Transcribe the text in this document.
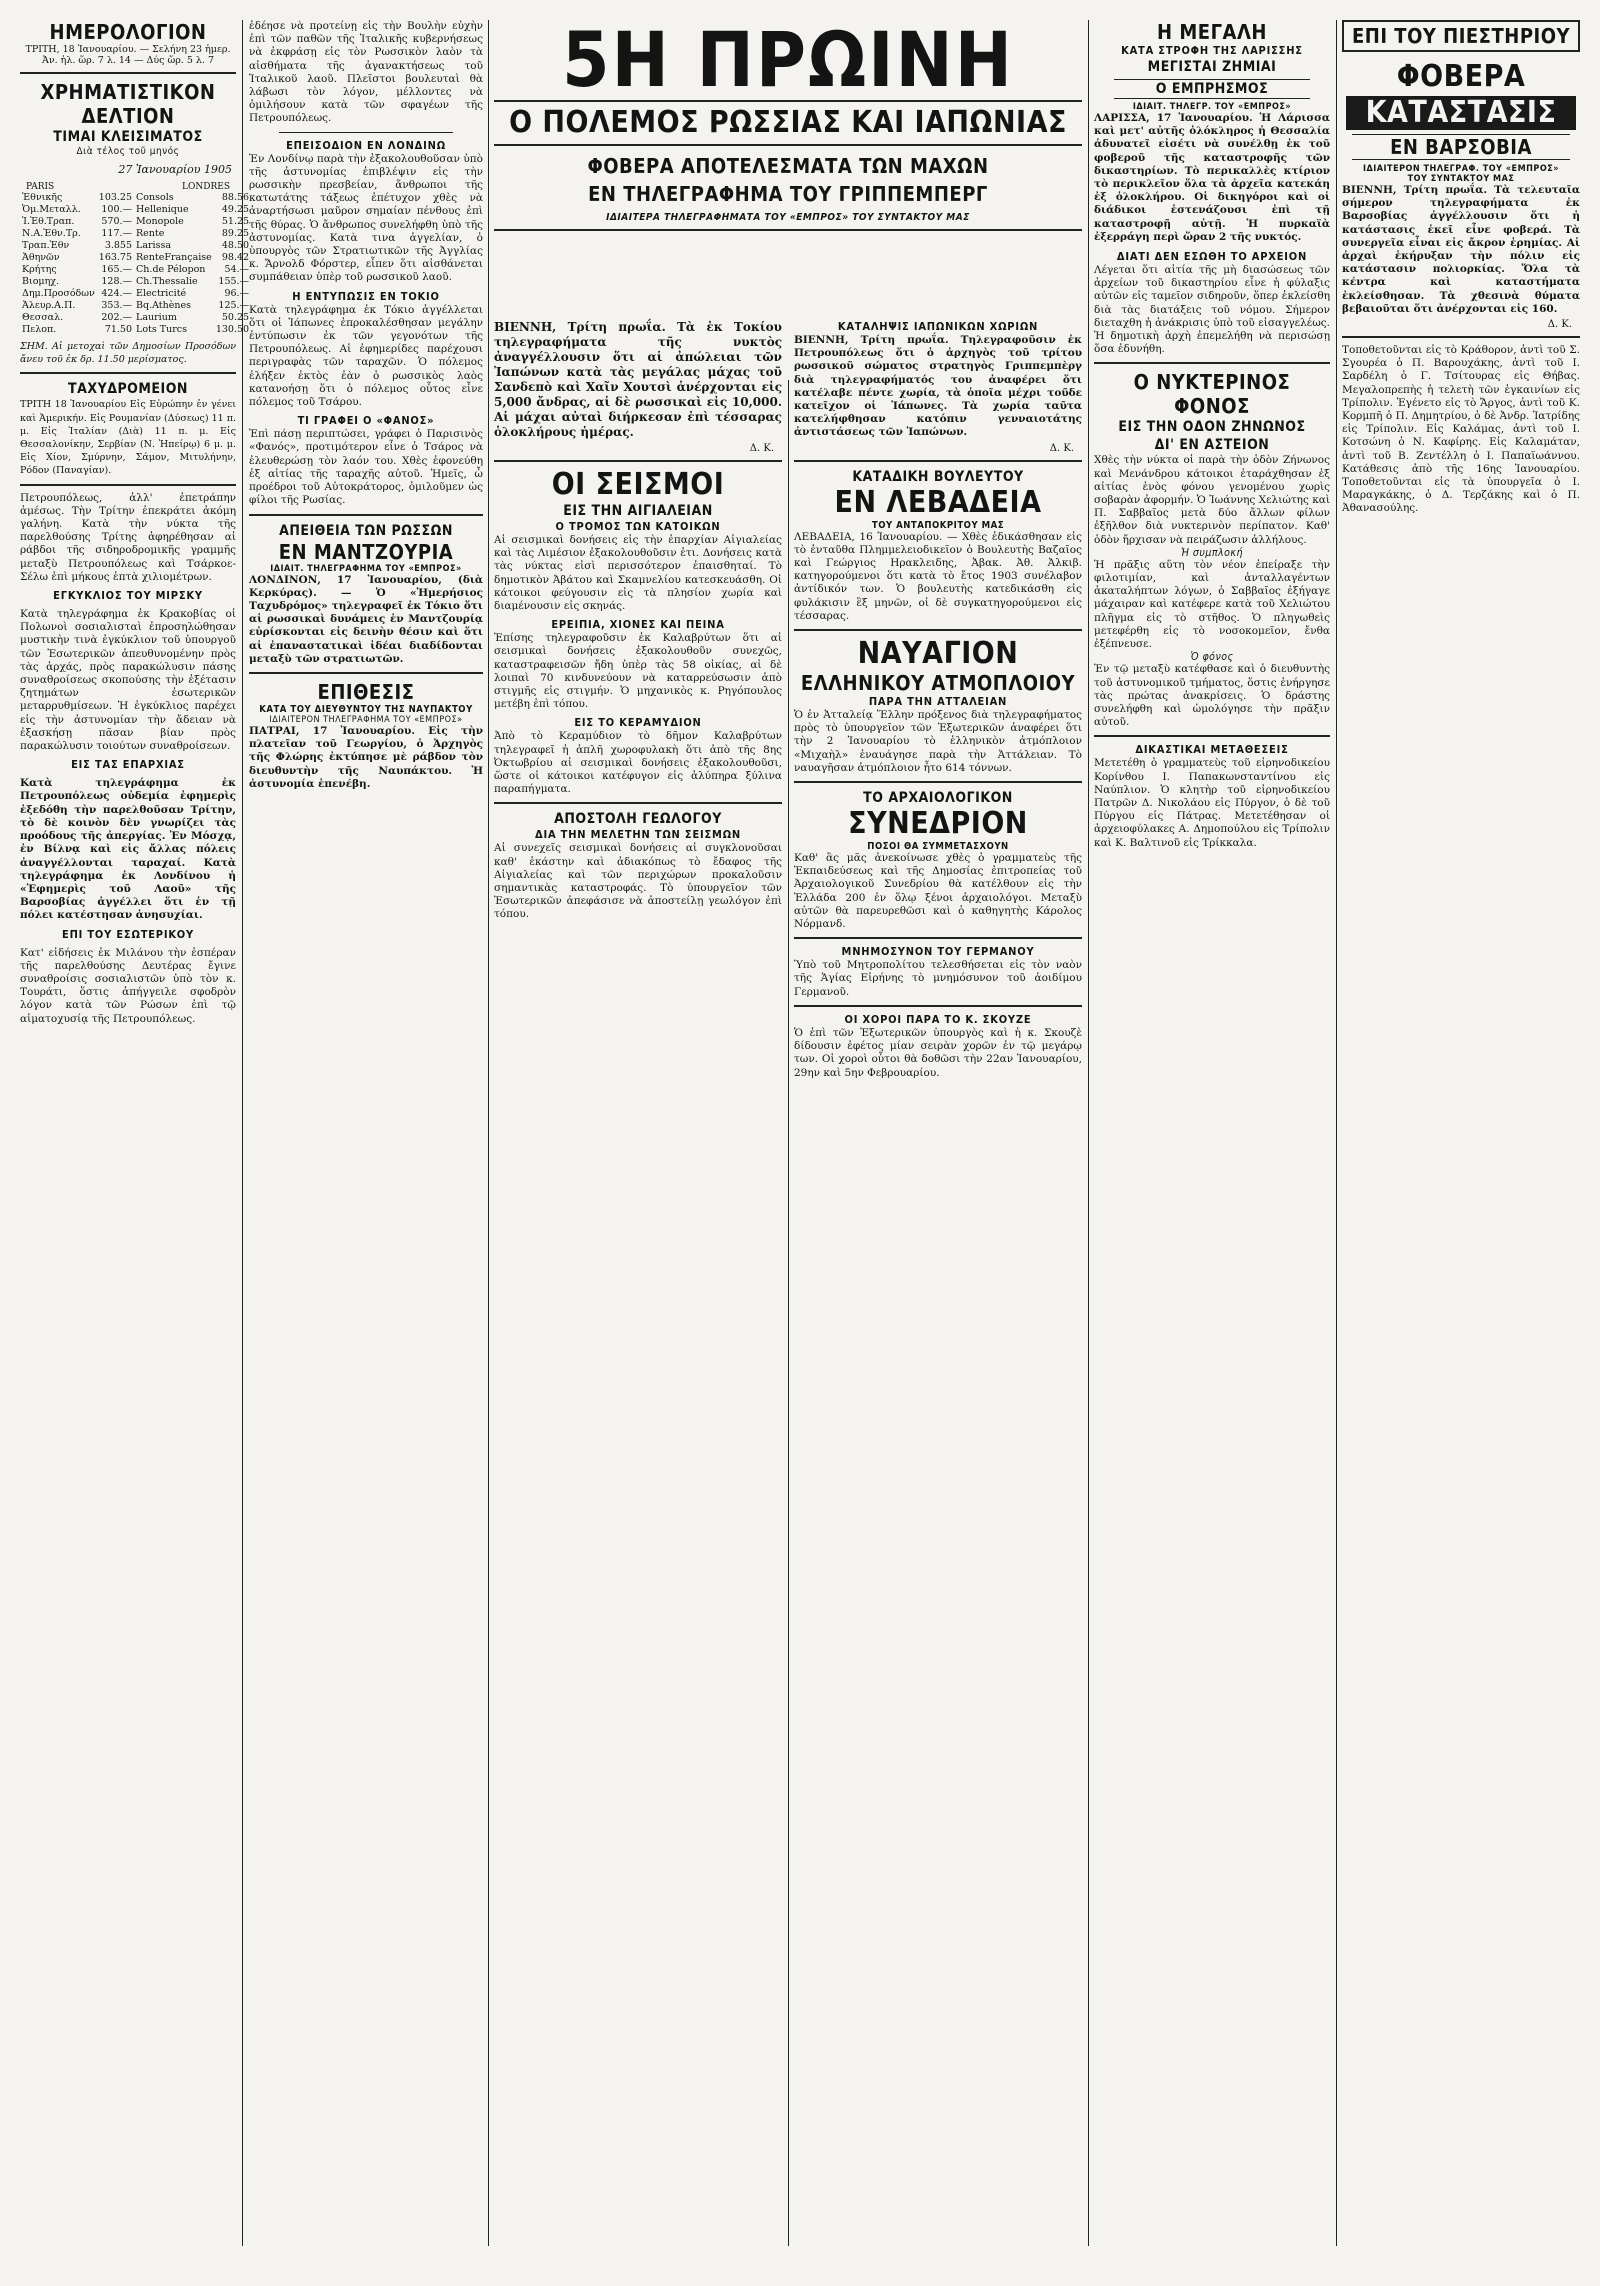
ΗΜΕΡΟΛΟΓΙΟΝ

ΤΡΙΤΗ, 18 Ἰανουαρίου. — Σελήνη 23 ἡμερ. Ἀν. ἡλ. ὥρ. 7 λ. 14 — Δύς ὥρ. 5 λ. 7

ΧΡΗΜΑΤΙΣΤΙΚΟΝ ΔΕΛΤΙΟΝ
ΤΙΜΑΙ ΚΛΕΙΣΙΜΑΤΟΣ
Διὰ τέλος τοῦ μηνός
27 Ἰανουαρίου 1905
PARIS	LONDRES
Ἐθνικῆς	103.25	Consols	88.56
Ὁμ.Μεταλλ.	100.—	Hellenique	49.25
Ἰ.Ἐθ.Τραπ.	570.—	Monopole	51.25
Ν.Α.Ἐθν.Τρ.	117.—	Rente	89.25
Τραπ.Ἐθν	3.855	Larissa	48.50
Ἀθηνῶν	163.75	RenteFrançaise	98.42
Κρήτης	165.—	Ch.de Pélopon	54.—
Βιομηχ.	128.—	Ch.Thessalie	155.—
Δημ.Προσόδων	424.—	Electricité	96.—
Ἀλευρ.Α.Π.	353.—	Bq.Athènes	125.—
Θεσσαλ.	202.—	Laurium	50.25
Πελοπ.	71.50	Lots Turcs	130.50

ΣΗΜ. Αἱ μετοχαὶ τῶν Δημοσίων Προσόδων ἄνευ τοῦ ἐκ δρ. 11.50 μερίσματος.

ΤΑΧΥΔΡΟΜΕΙΟΝ

ΤΡΙΤΗ 18 Ἰανουαρίου Εἰς Εὐρώπην ἐν γένει καὶ Ἀμερικήν. Εἰς Ρουμανίαν (Δύσεως) 11 π. μ. Εἰς Ἰταλίαν (Διὰ) 11 π. μ. Εἰς Θεσσαλονίκην, Σερβίαν (Ν. Ἠπείρῳ) 6 μ. μ. Εἰς Χίον, Σμύρνην, Σάμον, Μιτυλήνην, Ρόδον (Παναγίαν).

Πετρουπόλεως, ἀλλ' ἐπετράπην ἀμέσως. Τὴν Τρίτην ἐπεκράτει ἀκόμη γαλήνη. Κατὰ τὴν νύκτα τῆς παρελθούσης Τρίτης ἀφηρέθησαν αἱ ράβδοι τῆς σιδηροδρομικῆς γραμμῆς μεταξὺ Πετρουπόλεως καὶ Τσάρκοε-Σέλω ἐπὶ μήκους ἑπτὰ χιλιομέτρων.

ΕΓΚΥΚΛΙΟΣ ΤΟΥ ΜΙΡΣΚΥ

Κατὰ τηλεγράφημα ἐκ Κρακοβίας οἱ Πολωνοὶ σοσιαλισταὶ ἐπροσηλώθησαν μυστικὴν τινὰ ἐγκύκλιον τοῦ ὑπουργοῦ τῶν Ἐσωτερικῶν ἀπευθυνομένην πρὸς τὰς ἀρχάς, πρὸς παρακώλυσιν πάσης συναθροίσεως σκοπούσης τὴν ἐξέτασιν ζητημάτων ἐσωτερικῶν μεταρρυθμίσεων. Ἡ ἐγκύκλιος παρέχει εἰς τὴν ἀστυνομίαν τὴν ἄδειαν νὰ ἐξασκήσῃ πᾶσαν βίαν πρὸς παρακώλυσιν τοιούτων συναθροίσεων.

ΕΙΣ ΤΑΣ ΕΠΑΡΧΙΑΣ

Κατὰ τηλεγράφημα ἐκ Πετρουπόλεως οὐδεμία ἐφημερὶς ἐξεδόθη τὴν παρελθοῦσαν Τρίτην, τὸ δὲ κοινὸν δὲν γνωρίζει τὰς προόδους τῆς ἀπεργίας. Ἐν Μόσχᾳ, ἐν Βίλνᾳ καὶ εἰς ἄλλας πόλεις ἀναγγέλλονται ταραχαί. Κατὰ τηλεγράφημα ἐκ Λονδίνου ἡ «Ἐφημερὶς τοῦ Λαοῦ» τῆς Βαρσοβίας ἀγγέλλει ὅτι ἐν τῇ πόλει κατέστησαν ἀνησυχίαι.

ΕΠΙ ΤΟΥ ΕΣΩΤΕΡΙΚΟΥ

Κατ' εἰδήσεις ἐκ Μιλάνου τὴν ἑσπέραν τῆς παρελθούσης Δευτέρας ἔγινε συναθροίσις σοσιαλιστῶν ὑπὸ τὸν κ. Τουράτι, ὅστις ἀπήγγειλε σφοδρὸν λόγον κατὰ τῶν Ρώσων ἐπὶ τῷ αἱματοχυσίᾳ τῆς Πετρουπόλεως.

ἐδέησε νὰ προτείνῃ εἰς τὴν Βουλὴν εὐχὴν ἐπὶ τῶν παθῶν τῆς Ἰταλικῆς κυβερνήσεως νὰ ἐκφράσῃ εἰς τὸν Ρωσσικὸν λαὸν τὰ αἰσθήματα τῆς ἀγανακτήσεως τοῦ Ἰταλικοῦ λαοῦ. Πλεῖστοι βουλευταὶ θὰ λάβωσι τὸν λόγον, μέλλοντες νὰ ὁμιλήσουν κατὰ τῶν σφαγέων τῆς Πετρουπόλεως.

ΕΠΕΙΣΟΔΙΟΝ ΕΝ ΛΟΝΔΙΝΩ

Ἐν Λονδίνῳ παρὰ τὴν ἐξακολουθοῦσαν ὑπὸ τῆς ἀστυνομίας ἐπιβλέψιν εἰς τὴν ρωσσικὴν πρεσβείαν, ἄνθρωποι τῆς κατωτάτης τάξεως ἐπέτυχον χθὲς νὰ ἀναρτήσωσι μαῦρον σημαίαν πένθους ἐπὶ τῆς θύρας. Ὁ ἄνθρωπος συνελήφθη ὑπὸ τῆς ἀστυνομίας. Κατὰ τινα ἀγγελίαν, ὁ ὑπουργὸς τῶν Στρατιωτικῶν τῆς Ἀγγλίας κ. Ἄρνολδ Φόρστερ, εἶπεν ὅτι αἰσθάνεται συμπάθειαν ὑπὲρ τοῦ ρωσσικοῦ λαοῦ.

Η ΕΝΤΥΠΩΣΙΣ ΕΝ ΤΟΚΙΟ

Κατὰ τηλεγράφημα ἐκ Τόκιο ἀγγέλλεται ὅτι οἱ Ἰάπωνες ἐπροκαλέσθησαν μεγάλην ἐντύπωσιν ἐκ τῶν γεγονότων τῆς Πετρουπόλεως. Αἱ ἐφημερίδες παρέχουσι περιγραφὰς τῶν ταραχῶν. Ὁ πόλεμος ἐλήξεν ἐκτὸς ἐὰν ὁ ρωσσικὸς λαὸς κατανοήσῃ ὅτι ὁ πόλεμος οὗτος εἶνε πόλεμος τοῦ Τσάρου.

ΤΙ ΓΡΑΦΕΙ Ο «ΦΑΝΟΣ»

Ἐπὶ πάσῃ περιπτώσει, γράφει ὁ Παρισινὸς «Φανός», προτιμότερον εἶνε ὁ Τσάρος νὰ ἐλευθερώσῃ τὸν λαόν του. Χθὲς ἐφονεύθη ἐξ αἰτίας τῆς ταραχῆς αὐτοῦ. Ἡμεῖς, ὦ προέδροι τοῦ Αὐτοκράτορος, ὁμιλοῦμεν ὡς φίλοι τῆς Ρωσίας.

ΑΠΕΙΘΕΙΑ ΤΩΝ ΡΩΣΣΩΝ
ΕΝ ΜΑΝΤΖΟΥΡΙΑ
ΙΔΙΑΙΤ. ΤΗΛΕΓΡΑΦΗΜΑ ΤΟΥ «ΕΜΠΡΟΣ»

ΛΟΝΔΙΝΟΝ, 17 Ἰανουαρίου, (διὰ Κερκύρας). — Ὁ «Ἡμερήσιος Ταχυδρόμος» τηλεγραφεῖ ἐκ Τόκιο ὅτι αἱ ρωσσικαὶ δυνάμεις ἐν Μαντζουρίᾳ εὑρίσκονται εἰς δεινὴν θέσιν καὶ ὅτι αἱ ἐπαναστατικαὶ ἰδέαι διαδίδονται μεταξὺ τῶν στρατιωτῶν.

ΕΠΙΘΕΣΙΣ
ΚΑΤΑ ΤΟΥ ΔΙΕΥΘΥΝΤΟΥ ΤΗΣ ΝΑΥΠΑΚΤΟΥ
ΙΔΙΑΙΤΕΡΟΝ ΤΗΛΕΓΡΑΦΗΜΑ ΤΟΥ «ΕΜΠΡΟΣ»

ΠΑΤΡΑΙ, 17 Ἰανουαρίου. Εἰς τὴν πλατεῖαν τοῦ Γεωργίου, ὁ Ἀρχηγὸς τῆς Φλώρης ἐκτύπησε μὲ ράβδον τὸν διευθυντὴν τῆς Ναυπάκτου. Ἡ ἀστυνομία ἐπενέβη.

5Η ΠΡΩΙΝΗ
Ο ΠΟΛΕΜΟΣ ΡΩΣΣΙΑΣ ΚΑΙ ΙΑΠΩΝΙΑΣ
ΦΟΒΕΡΑ ΑΠΟΤΕΛΕΣΜΑΤΑ ΤΩΝ ΜΑΧΩΝ
ΕΝ ΤΗΛΕΓΡΑΦΗΜΑ ΤΟΥ ΓΡΙΠΠΕΜΠΕΡΓ
ΙΔΙΑΙΤΕΡΑ ΤΗΛΕΓΡΑΦΗΜΑΤΑ ΤΟΥ «ΕΜΠΡΟΣ» ΤΟΥ ΣΥΝΤΑΚΤΟΥ ΜΑΣ

ΒΙΕΝΝΗ, Τρίτη πρωΐα. Τὰ ἐκ Τοκίου τηλεγραφήματα τῆς νυκτὸς ἀναγγέλλουσιν ὅτι αἱ ἀπώλειαι τῶν Ἰαπώνων κατὰ τὰς μεγάλας μάχας τοῦ Σανδεπὸ καὶ Χαῖν Χουτσὶ ἀνέρχονται εἰς 5,000 ἄνδρας, αἱ δὲ ρωσσικαὶ εἰς 10,000. Αἱ μάχαι αὐταὶ διήρκεσαν ἐπὶ τέσσαρας ὁλοκλήρους ἡμέρας.

Δ. Κ.
ΟΙ ΣΕΙΣΜΟΙ
ΕΙΣ ΤΗΝ ΑΙΓΙΑΛΕΙΑΝ
Ο ΤΡΟΜΟΣ ΤΩΝ ΚΑΤΟΙΚΩΝ

Αἱ σεισμικαὶ δονήσεις εἰς τὴν ἐπαρχίαν Αἰγιαλείας καὶ τὰς Λιμέσιον ἐξακολουθοῦσιν ἐτι. Δονήσεις κατὰ τὰς νύκτας εἰσὶ περισσότερον ἐπαισθηταί. Τὸ δημοτικὸν Ἀβάτου καὶ Σκαμνελίου κατεσκευάσθη. Οἱ κάτοικοι φεύγουσιν εἰς τὰ πλησίον χωρία καὶ διαμένουσιν εἰς σκηνάς.

ΕΡΕΙΠΙΑ, ΧΙΟΝΕΣ ΚΑΙ ΠΕΙΝΑ

Ἐπίσης τηλεγραφοῦσιν ἐκ Καλαβρύτων ὅτι αἱ σεισμικαὶ δονήσεις ἐξακολουθοῦν συνεχῶς, καταστραφεισῶν ἤδη ὑπὲρ τὰς 58 οἰκίας, αἱ δὲ λοιπαὶ 70 κινδυνεύουν νὰ καταρρεύσωσιν ἀπὸ στιγμῆς εἰς στιγμήν. Ὁ μηχανικὸς κ. Ρηγόπουλος μετέβη ἐπὶ τόπου.

ΕΙΣ ΤΟ ΚΕΡΑΜΥΔΙΟΝ

Ἀπὸ τὸ Κεραμύδιον τὸ δῆμον Καλαβρύτων τηλεγραφεῖ ἡ ἁπλῆ χωροφυλακὴ ὅτι ἀπὸ τῆς 8ης Ὀκτωβρίου αἱ σεισμικαὶ δονήσεις ἐξακολουθοῦσι, ὥστε οἱ κάτοικοι κατέφυγον εἰς ἀλύπηρα ξύλινα παραπήγματα.

ΑΠΟΣΤΟΛΗ ΓΕΩΛΟΓΟΥ
ΔΙΑ ΤΗΝ ΜΕΛΕΤΗΝ ΤΩΝ ΣΕΙΣΜΩΝ

Αἱ συνεχεῖς σεισμικαὶ δονήσεις αἱ συγκλονοῦσαι καθ' ἑκάστην καὶ ἀδιακόπως τὸ ἔδαφος τῆς Αἰγιαλείας καὶ τῶν περιχώρων προκαλοῦσιν σημαντικὰς καταστροφάς. Τὸ ὑπουργεῖον τῶν Ἐσωτερικῶν ἀπεφάσισε νὰ ἀποστείλῃ γεωλόγον ἐπὶ τόπου.

ΚΑΤΑΛΗΨΙΣ ΙΑΠΩΝΙΚΩΝ ΧΩΡΙΩΝ

ΒΙΕΝΝΗ, Τρίτη πρωΐα. Τηλεγραφοῦσιν ἐκ Πετρουπόλεως ὅτι ὁ ἀρχηγὸς τοῦ τρίτου ρωσσικοῦ σώματος στρατηγὸς Γριππεμπὲργ διὰ τηλεγραφήματός του ἀναφέρει ὅτι κατέλαβε πέντε χωρία, τὰ ὁποῖα μέχρι τοῦδε κατεῖχον οἱ Ἰάπωνες. Τὰ χωρία ταῦτα κατελήφθησαν κατόπιν γενναιοτάτης ἀντιστάσεως τῶν Ἰαπώνων.

Δ. Κ.
ΚΑΤΑΔΙΚΗ ΒΟΥΛΕΥΤΟΥ
ΕΝ ΛΕΒΑΔΕΙΑ
ΤΟΥ ΑΝΤΑΠΟΚΡΙΤΟΥ ΜΑΣ

ΛΕΒΑΔΕΙΑ, 16 Ἰανουαρίου. — Χθὲς ἐδικάσθησαν εἰς τὸ ἐνταῦθα Πλημμελειοδικεῖον ὁ Βουλευτὴς Βαζαῖος καὶ Γεώργιος Ηρακλειδης, Ἀβακ. Ἀθ. Ἀλκιβ. κατηγορούμενοι ὅτι κατὰ τὸ ἔτος 1903 συνέλαβον ἀντίδικόν των. Ὁ βουλευτὴς κατεδικάσθη εἰς φυλάκισιν ἓξ μηνῶν, οἱ δὲ συγκατηγορούμενοι εἰς τέσσαρας.

ΝΑΥΑΓΙΟΝ
ΕΛΛΗΝΙΚΟΥ ΑΤΜΟΠΛΟΙΟΥ
ΠΑΡΑ ΤΗΝ ΑΤΤΑΛΕΙΑΝ

Ὁ ἐν Ἀτταλείᾳ Ἕλλην πρόξενος διὰ τηλεγραφήματος πρὸς τὸ ὑπουργεῖον τῶν Ἐξωτερικῶν ἀναφέρει ὅτι τὴν 2 Ἰανουαρίου τὸ ἑλληνικὸν ἀτμόπλοιον «Μιχαὴλ» ἐναυάγησε παρὰ τὴν Ἀττάλειαν. Τὸ ναυαγῆσαν ἀτμόπλοιον ἦτο 614 τόννων.

ΤΟ ΑΡΧΑΙΟΛΟΓΙΚΟΝ
ΣΥΝΕΔΡΙΟΝ
ΠΟΣΟΙ ΘΑ ΣΥΜΜΕΤΑΣΧΟΥΝ

Καθ' ἃς μᾶς ἀνεκοίνωσε χθὲς ὁ γραμματεὺς τῆς Ἐκπαιδεύσεως καὶ τῆς Δημοσίας ἐπιτροπείας τοῦ Ἀρχαιολογικοῦ Συνεδρίου θὰ κατέλθουν εἰς τὴν Ἑλλάδα 200 ἐν ὅλῳ ξένοι ἀρχαιολόγοι. Μεταξὺ αὐτῶν θὰ παρευρεθῶσι καὶ ὁ καθηγητὴς Κάρολος Νόρμανδ.

ΜΝΗΜΟΣΥΝΟΝ ΤΟΥ ΓΕΡΜΑΝΟΥ

Ὑπὸ τοῦ Μητροπολίτου τελεσθήσεται εἰς τὸν ναὸν τῆς Ἁγίας Εἰρήνης τὸ μνημόσυνον τοῦ ἀοιδίμου Γερμανοῦ.

ΟΙ ΧΟΡΟΙ ΠΑΡΑ ΤΟ Κ. ΣΚΟΥΖΕ

Ὁ ἐπὶ τῶν Ἐξωτερικῶν ὑπουργὸς καὶ ἡ κ. Σκουζὲ δίδουσιν ἐφέτος μίαν σειρὰν χορῶν ἐν τῷ μεγάρῳ των. Οἱ χοροὶ οὗτοι θὰ δοθῶσι τὴν 22αν Ἰανουαρίου, 29ην καὶ 5ην Φεβρουαρίου.

Η ΜΕΓΑΛΗ
ΚΑΤΑ ΣΤΡΟΦΗ ΤΗΣ ΛΑΡΙΣΣΗΣ
ΜΕΓΙΣΤΑΙ ΖΗΜΙΑΙ
Ο ΕΜΠΡΗΣΜΟΣ
ΙΔΙΑΙΤ. ΤΗΛΕΓΡ. ΤΟΥ «ΕΜΠΡΟΣ»

ΛΑΡΙΣΣΑ, 17 Ἰανουαρίου. Ἡ Λάρισσα καὶ μετ' αὐτῆς ὁλόκληρος ἡ Θεσσαλία ἀδυνατεῖ εἰσέτι νὰ συνέλθῃ ἐκ τοῦ φοβεροῦ τῆς καταστροφῆς τῶν δικαστηρίων. Τὸ περικαλλὲς κτίριον τὸ περικλεῖον ὅλα τὰ ἀρχεῖα κατεκάη ἐξ ὁλοκλήρου. Οἱ δικηγόροι καὶ οἱ διάδικοι ἐστενάζουσι ἐπὶ τῇ καταστροφῇ αὐτῇ. Ἡ πυρκαϊὰ ἐξερράγη περὶ ὥραν 2 τῆς νυκτός.

ΔΙΑΤΙ ΔΕΝ ΕΣΩΘΗ ΤΟ ΑΡΧΕΙΟΝ

Λέγεται ὅτι αἰτία τῆς μὴ διασώσεως τῶν ἀρχείων τοῦ δικαστηρίου εἶνε ἡ φύλαξις αὐτῶν εἰς ταμεῖον σιδηροῦν, ὅπερ ἐκλείσθη διὰ τὰς διατάξεις τοῦ νόμου. Σήμερον διεταχθη ἡ ἀνάκρισις ὑπὸ τοῦ εἰσαγγελέως. Ἡ δημοτικὴ ἀρχὴ ἐπεμελήθη νὰ περισώσῃ ὅσα ἐδυνήθη.

Ο ΝΥΚΤΕΡΙΝΟΣ ΦΟΝΟΣ
ΕΙΣ ΤΗΝ ΟΔΟΝ ΖΗΝΩΝΟΣ
ΔΙ' ΕΝ ΑΣΤΕΙΟΝ

Χθὲς τὴν νύκτα οἱ παρὰ τὴν ὁδὸν Ζήνωνος καὶ Μενάνδρου κάτοικοι ἐταράχθησαν ἐξ αἰτίας ἑνὸς φόνου γενομένου χωρὶς σοβαρὰν ἀφορμήν. Ὁ Ἰωάννης Χελιώτης καὶ Π. Σαββαῖος μετὰ δύο ἄλλων φίλων ἐξῆλθον διὰ νυκτερινὸν περίπατον. Καθ' ὁδὸν ἤρχισαν νὰ πειράζωσιν ἀλλήλους.

Ἡ συμπλοκή

Ἡ πρᾶξις αὕτη τὸν νέον ἐπείραξε τὴν φιλοτιμίαν, καὶ ἀνταλλαγέντων ἀκαταλήπτων λόγων, ὁ Σαββαῖος ἐξήγαγε μάχαιραν καὶ κατέφερε κατὰ τοῦ Χελιώτου πλῆγμα εἰς τὸ στῆθος. Ὁ πληγωθεὶς μετεφέρθη εἰς τὸ νοσοκομεῖον, ἔνθα ἐξέπνευσε.

Ὁ φόνος

Ἐν τῷ μεταξὺ κατέφθασε καὶ ὁ διευθυντὴς τοῦ ἀστυνομικοῦ τμήματος, ὅστις ἐνήργησε τὰς πρώτας ἀνακρίσεις. Ὁ δράστης συνελήφθη καὶ ὡμολόγησε τὴν πρᾶξιν αὐτοῦ.

ΔΙΚΑΣΤΙΚΑΙ ΜΕΤΑΘΕΣΕΙΣ

Μετετέθη ὁ γραμματεὺς τοῦ εἰρηνοδικείου Κορίνθου Ι. Παπακωνσταντίνου εἰς Ναύπλιον. Ὁ κλητὴρ τοῦ εἰρηνοδικείου Πατρῶν Δ. Νικολάου εἰς Πύργον, ὁ δὲ τοῦ Πύργου εἰς Πάτρας. Μετετέθησαν οἱ ἀρχειοφύλακες Α. Δημοπούλου εἰς Τρίπολιν καὶ Κ. Βαλτινοῦ εἰς Τρίκκαλα.

ΕΠΙ ΤΟΥ ΠΙΕΣΤΗΡΙΟΥ
ΦΟΒΕΡΑ
ΚΑΤΑΣΤΑΣΙΣ
ΕΝ ΒΑΡΣΟΒΙΑ
ΙΔΙΑΙΤΕΡΟΝ ΤΗΛΕΓΡΑΦ. ΤΟΥ «ΕΜΠΡΟΣ»
ΤΟΥ ΣΥΝΤΑΚΤΟΥ ΜΑΣ

ΒΙΕΝΝΗ, Τρίτη πρωΐα. Τὰ τελευταῖα σήμερον τηλεγραφήματα ἐκ Βαρσοβίας ἀγγέλλουσιν ὅτι ἡ κατάστασις ἐκεῖ εἶνε φοβερά. Τὰ συνεργεῖα εἶναι εἰς ἄκρον ἐρημίας. Αἱ ἀρχαὶ ἐκήρυξαν τὴν πόλιν εἰς κατάστασιν πολιορκίας. Ὅλα τὰ κέντρα καὶ καταστήματα ἐκλείσθησαν. Τὰ χθεσινὰ θύματα βεβαιοῦται ὅτι ἀνέρχονται εἰς 160.

Δ. Κ.

Τοποθετοῦνται εἰς τὸ Κράθορον, ἀντὶ τοῦ Σ. Σγουρέα ὁ Π. Βαρουχάκης, ἀντὶ τοῦ Ι. Σαρδέλη ὁ Γ. Τσίτουρας εἰς Θήβας. Μεγαλοπρεπὴς ἡ τελετὴ τῶν ἐγκαινίων εἰς Τρίπολιν. Ἐγένετο εἰς τὸ Ἄργος, ἀντὶ τοῦ Κ. Κορμπῆ ὁ Π. Δημητρίου, ὁ δὲ Ἀνδρ. Ἰατρίδης εἰς Τρίπολιν. Εἰς Καλάμας, ἀντὶ τοῦ Ι. Κοτσώνη ὁ Ν. Καφίρης. Εἰς Καλαμάταν, ἀντὶ τοῦ Β. Ζεντέλλη ὁ Ι. Παπαϊωάννου. Κατάθεσις ἀπὸ τῆς 16ης Ἰανουαρίου. Τοποθετοῦνται εἰς τὰ ὑπουργεῖα ὁ Ι. Μαραγκάκης, ὁ Δ. Τερζάκης καὶ ὁ Π. Ἀθανασούλης.
